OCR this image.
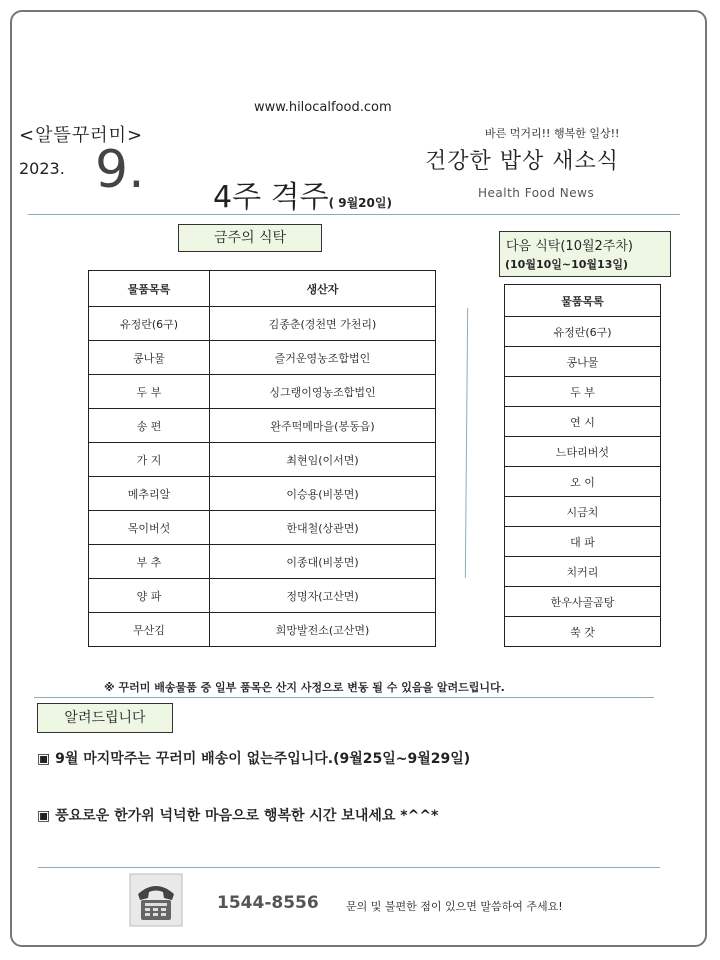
www.hilocalfood.com
<알뜰꾸러미>
2023. 9. 4주 격주( 9월20일)
바른 먹거리!! 행복한 일상!!
건강한 밥상 새소식
Health Food News
금주의 식탁
물품목록	생산자
유정란(6구)	김종춘(경천면 가천리)
콩나물	즐거운영농조합법인
두 부	싱그랭이영농조합법인
송 편	완주떡메마을(봉동읍)
가 지	최현임(이서면)
메추리알	이승용(비봉면)
목이버섯	한대철(상관면)
부 추	이종대(비봉면)
양 파	정명자(고산면)
무산김	희망발전소(고산면)
다음 식탁(10월2주차)
(10월10일~10월13일)
물품목록
유정란(6구)
콩나물
두 부
연 시
느타리버섯
오 이
시금치
대 파
치커리
한우사골곰탕
쑥 갓
※ 꾸러미 배송물품 중 일부 품목은 산지 사정으로 변동 될 수 있음을 알려드립니다.
알려드립니다
▣ 9월 마지막주는 꾸러미 배송이 없는주입니다.(9월25일~9월29일)
▣ 풍요로운 한가위 넉넉한 마음으로 행복한 시간 보내세요 *^^*
1544-8556 문의 및 불편한 점이 있으면 말씀하여 주세요!
